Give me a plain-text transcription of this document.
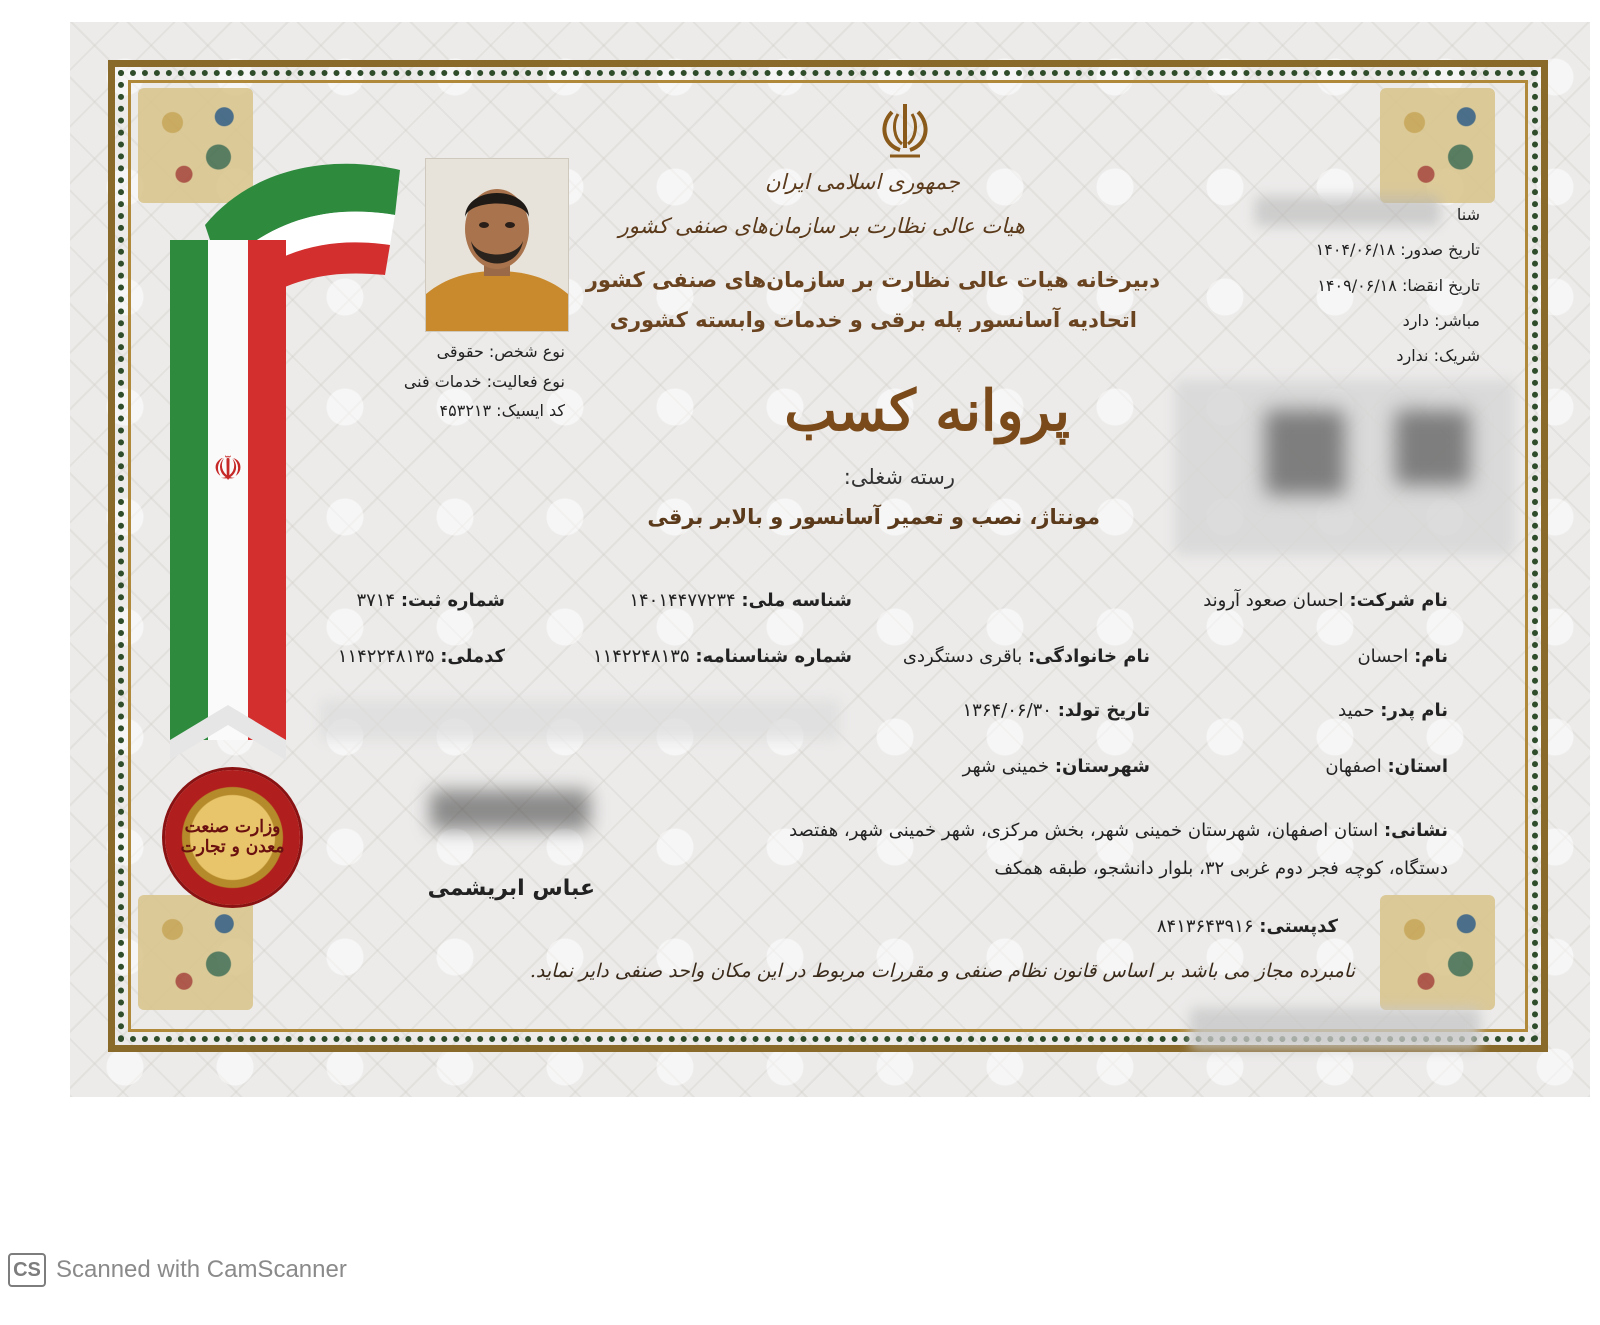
جمهوری اسلامی ایران
هیات عالی نظارت بر سازمان‌های صنفی کشور
دبیرخانه هیات عالی نظارت بر سازمان‌های صنفی کشور
اتحادیه آسانسور پله برقی و خدمات وابسته کشوری
پروانه کسب
رسته شغلی:
مونتاژ، نصب و تعمیر آسانسور و بالابر برقی
شنا
تاریخ صدور: ۱۴۰۴/۰۶/۱۸
تاریخ انقضا: ۱۴۰۹/۰۶/۱۸
مباشر: دارد
شریک: ندارد
نوع شخص: حقوقی
نوع فعالیت: خدمات فنی
کد ایسیک: ۴۵۳۲۱۳
☫
وزارت صنعت معدن و تجارت
نام شرکت: احسان صعود آروند
شناسه ملی: ۱۴۰۱۴۴۷۷۲۳۴
شماره ثبت: ۳۷۱۴
نام: احسان
نام خانوادگی: باقری دستگردی
شماره شناسنامه: ۱۱۴۲۲۴۸۱۳۵
کدملی: ۱۱۴۲۲۴۸۱۳۵
نام پدر: حمید
تاریخ تولد: ۱۳۶۴/۰۶/۳۰
استان: اصفهان
شهرستان: خمینی شهر
نشانی: استان اصفهان، شهرستان خمینی شهر، بخش مرکزی، شهر خمینی شهر، هفتصد
دستگاه، کوچه فجر دوم غربی ۳۲، بلوار دانشجو، طبقه همکف
کدپستی: ۸۴۱۳۶۴۳۹۱۶
عباس ابریشمی
نامبرده مجاز می باشد بر اساس قانون نظام صنفی و مقررات مربوط در این مکان واحد صنفی دایر نماید.
CS Scanned with CamScanner
